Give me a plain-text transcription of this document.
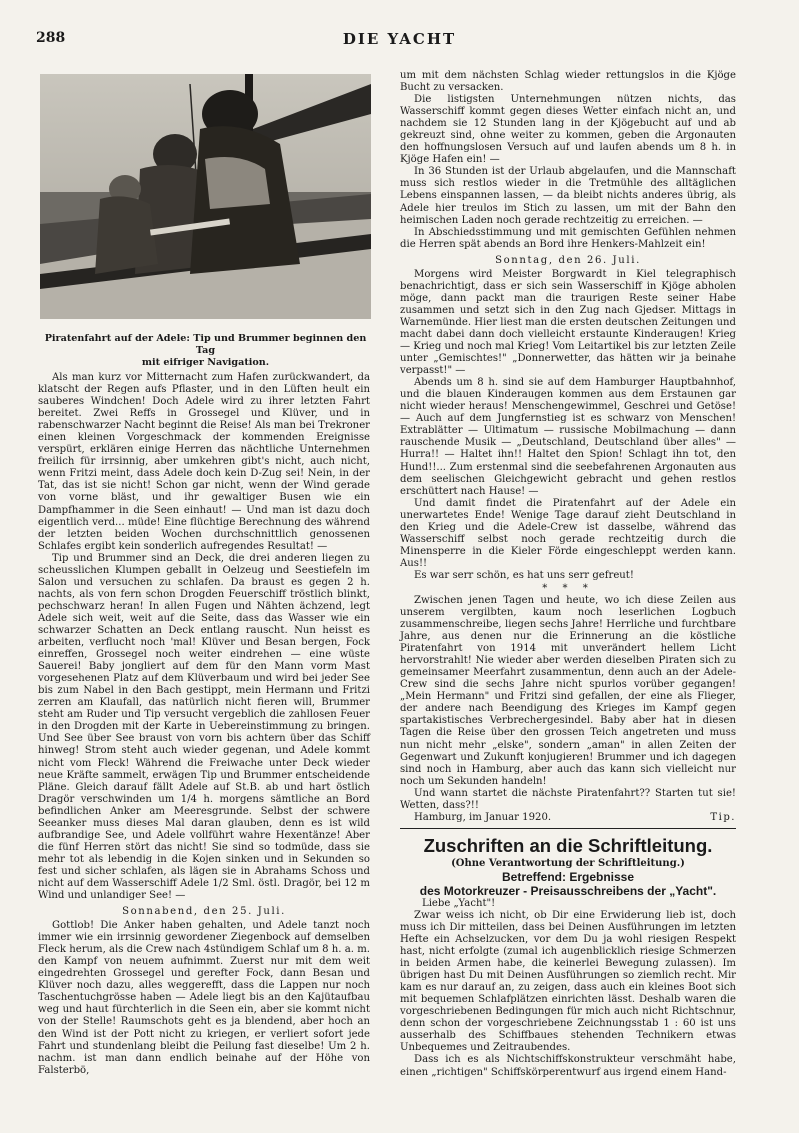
288	DIE YACHT
Piratenfahrt auf der Adele: Tip und Brummer beginnen den Tag
mit eifriger Navigation.

Als man kurz vor Mitternacht zum Hafen zurückwandert, da klatscht der Regen aufs Pflaster, und in den Lüften heult ein sauberes Windchen! Doch Adele wird zu ihrer letzten Fahrt bereitet. Zwei Reffs in Grossegel und Klüver, und in rabenschwarzer Nacht beginnt die Reise! Als man bei Trekroner einen kleinen Vorgeschmack der kommenden Ereignisse verspürt, erklären einige Herren das nächtliche Unternehmen freilich für irrsinnig, aber umkehren gibt's nicht, auch nicht, wenn Fritzi meint, dass Adele doch kein D-Zug sei! Nein, in der Tat, das ist sie nicht! Schon gar nicht, wenn der Wind gerade von vorne bläst, und ihr gewaltiger Busen wie ein Dampfhammer in die Seen einhaut! — Und man ist dazu doch eigentlich verd... müde! Eine flüchtige Berechnung des während der letzten beiden Wochen durchschnittlich genossenen Schlafes ergibt kein sonderlich aufregendes Resultat! —

Tip und Brummer sind an Deck, die drei anderen liegen zu scheusslichen Klumpen geballt in Oelzeug und Seestiefeln im Salon und versuchen zu schlafen. Da braust es gegen 2 h. nachts, als von fern schon Drogden Feuerschiff tröstlich blinkt, pechschwarz heran! In allen Fugen und Nähten ächzend, legt Adele sich weit, weit auf die Seite, dass das Wasser wie ein schwarzer Schatten an Deck entlang rauscht. Nun heisst es arbeiten, verflucht noch 'mal! Klüver und Besan bergen, Fock einreffen, Grossegel noch weiter eindrehen — eine wüste Sauerei! Baby jongliert auf dem für den Mann vorm Mast vorgesehenen Platz auf dem Klüverbaum und wird bei jeder See bis zum Nabel in den Bach gestippt, mein Hermann und Fritzi zerren am Klaufall, das natürlich nicht fieren will, Brummer steht am Ruder und Tip versucht vergeblich die zahllosen Feuer in den Drogden mit der Karte in Uebereinstimmung zu bringen. Und See über See braust von vorn bis achtern über das Schiff hinweg! Strom steht auch wieder gegenan, und Adele kommt nicht vom Fleck! Während die Freiwache unter Deck wieder neue Kräfte sammelt, erwägen Tip und Brummer entscheidende Pläne. Gleich darauf fällt Adele auf St.B. ab und hart östlich Dragör verschwinden um 1/4 h. morgens sämtliche an Bord befindlichen Anker am Meeresgrunde. Selbst der schwere Seeanker muss dieses Mal daran glauben, denn es ist wild aufbrandige See, und Adele vollführt wahre Hexentänze! Aber die fünf Herren stört das nicht! Sie sind so todmüde, dass sie mehr tot als lebendig in die Kojen sinken und in Sekunden so fest und sicher schlafen, als lägen sie in Abrahams Schoss und nicht auf dem Wasserschiff Adele 1/2 Sml. östl. Dragör, bei 12 m Wind und unlandiger See! —

Sonnabend, den 25. Juli.

Gottlob! Die Anker haben gehalten, und Adele tanzt noch immer wie ein irrsinnig gewordener Ziegenbock auf demselben Fleck herum, als die Crew nach 4stündigem Schlaf um 8 h. a. m. den Kampf von neuem aufnimmt. Zuerst nur mit dem weit eingedrehten Grossegel und gerefter Fock, dann Besan und Klüver noch dazu, alles weggerefft, dass die Lappen nur noch Taschentuchgrösse haben — Adele liegt bis an den Kajütaufbau weg und haut fürchterlich in die Seen ein, aber sie kommt nicht von der Stelle! Raumschots geht es ja blendend, aber hoch an den Wind ist der Pott nicht zu kriegen, er verliert sofort jede Fahrt und stundenlang bleibt die Peilung fast dieselbe! Um 2 h. nachm. ist man dann endlich beinahe auf der Höhe von Falsterbö,

um mit dem nächsten Schlag wieder rettungslos in die Kjöge Bucht zu versacken.

Die listigsten Unternehmungen nützen nichts, das Wasserschiff kommt gegen dieses Wetter einfach nicht an, und nachdem sie 12 Stunden lang in der Kjögebucht auf und ab gekreuzt sind, ohne weiter zu kommen, geben die Argonauten den hoffnungslosen Versuch auf und laufen abends um 8 h. in Kjöge Hafen ein! —

In 36 Stunden ist der Urlaub abgelaufen, und die Mannschaft muss sich restlos wieder in die Tretmühle des alltäglichen Lebens einspannen lassen, — da bleibt nichts anderes übrig, als Adele hier treulos im Stich zu lassen, um mit der Bahn den heimischen Laden noch gerade rechtzeitig zu erreichen. —

In Abschiedsstimmung und mit gemischten Gefühlen nehmen die Herren spät abends an Bord ihre Henkers-Mahlzeit ein!

Sonntag, den 26. Juli.

Morgens wird Meister Borgwardt in Kiel telegraphisch benachrichtigt, dass er sich sein Wasserschiff in Kjöge abholen möge, dann packt man die traurigen Reste seiner Habe zusammen und setzt sich in den Zug nach Gjedser. Mittags in Warnemünde. Hier liest man die ersten deutschen Zeitungen und macht dabei dann doch vielleicht erstaunte Kinderaugen! Krieg — Krieg und noch mal Krieg! Vom Leitartikel bis zur letzten Zeile unter „Gemischtes!" „Donnerwetter, das hätten wir ja beinahe verpasst!" —

Abends um 8 h. sind sie auf dem Hamburger Hauptbahnhof, und die blauen Kinderaugen kommen aus dem Erstaunen gar nicht wieder heraus! Menschengewimmel, Geschrei und Getöse! — Auch auf dem Jungfernstieg ist es schwarz von Menschen! Extrablätter — Ultimatum — russische Mobilmachung — dann rauschende Musik — „Deutschland, Deutschland über alles" — Hurra!! — Haltet ihn!! Haltet den Spion! Schlagt ihn tot, den Hund!!... Zum erstenmal sind die seebefahrenen Argonauten aus dem seelischen Gleichgewicht gebracht und gehen restlos erschüttert nach Hause! —

Und damit findet die Piratenfahrt auf der Adele ein unerwartetes Ende! Wenige Tage darauf zieht Deutschland in den Krieg und die Adele-Crew ist dasselbe, während das Wasserschiff selbst noch gerade rechtzeitig durch die Minensperre in die Kieler Förde eingeschleppt werden kann. Aus!!

Es war serr schön, es hat uns serr gefreut!

* * *

Zwischen jenen Tagen und heute, wo ich diese Zeilen aus unserem vergilbten, kaum noch leserlichen Logbuch zusammenschreibe, liegen sechs Jahre! Herrliche und furchtbare Jahre, aus denen nur die Erinnerung an die köstliche Piratenfahrt von 1914 mit unverändert hellem Licht hervorstrahlt! Nie wieder aber werden dieselben Piraten sich zu gemeinsamer Meerfahrt zusammentun, denn auch an der Adele-Crew sind die sechs Jahre nicht spurlos vorüber gegangen! „Mein Hermann" und Fritzi sind gefallen, der eine als Flieger, der andere nach Beendigung des Krieges im Kampf gegen spartakistisches Verbrechergesindel. Baby aber hat in diesen Tagen die Reise über den grossen Teich angetreten und muss nun nicht mehr „elske", sondern „aman" in allen Zeiten der Gegenwart und Zukunft konjugieren! Brummer und ich dagegen sind noch in Hamburg, aber auch das kann sich vielleicht nur noch um Sekunden handeln!

Und wann startet die nächste Piratenfahrt?? Starten tut sie! Wetten, dass?!!

Hamburg, im Januar 1920.	Tip.
Zuschriften an die Schriftleitung.
(Ohne Verantwortung der Schriftleitung.)
Betreffend: Ergebnisse
des Motorkreuzer - Preisausschreibens der „Yacht".

Liebe „Yacht"!

Zwar weiss ich nicht, ob Dir eine Erwiderung lieb ist, doch muss ich Dir mitteilen, dass bei Deinen Ausführungen im letzten Hefte ein Achselzucken, vor dem Du ja wohl riesigen Respekt hast, nicht erfolgte (zumal ich augenblicklich riesige Schmerzen in beiden Armen habe, die keinerlei Bewegung zulassen). Im übrigen hast Du mit Deinen Ausführungen so ziemlich recht. Mir kam es nur darauf an, zu zeigen, dass auch ein kleines Boot sich mit bequemen Schlafplätzen einrichten lässt. Deshalb waren die vorgeschriebenen Bedingungen für mich auch nicht Richtschnur, denn schon der vorgeschriebene Zeichnungsstab 1 : 60 ist uns ausserhalb des Schiffbaues stehenden Technikern etwas Unbequemes und Zeitraubendes.

Dass ich es als Nichtschiffskonstrukteur verschmäht habe, einen „richtigen" Schiffskörperentwurf aus irgend einem Hand-
